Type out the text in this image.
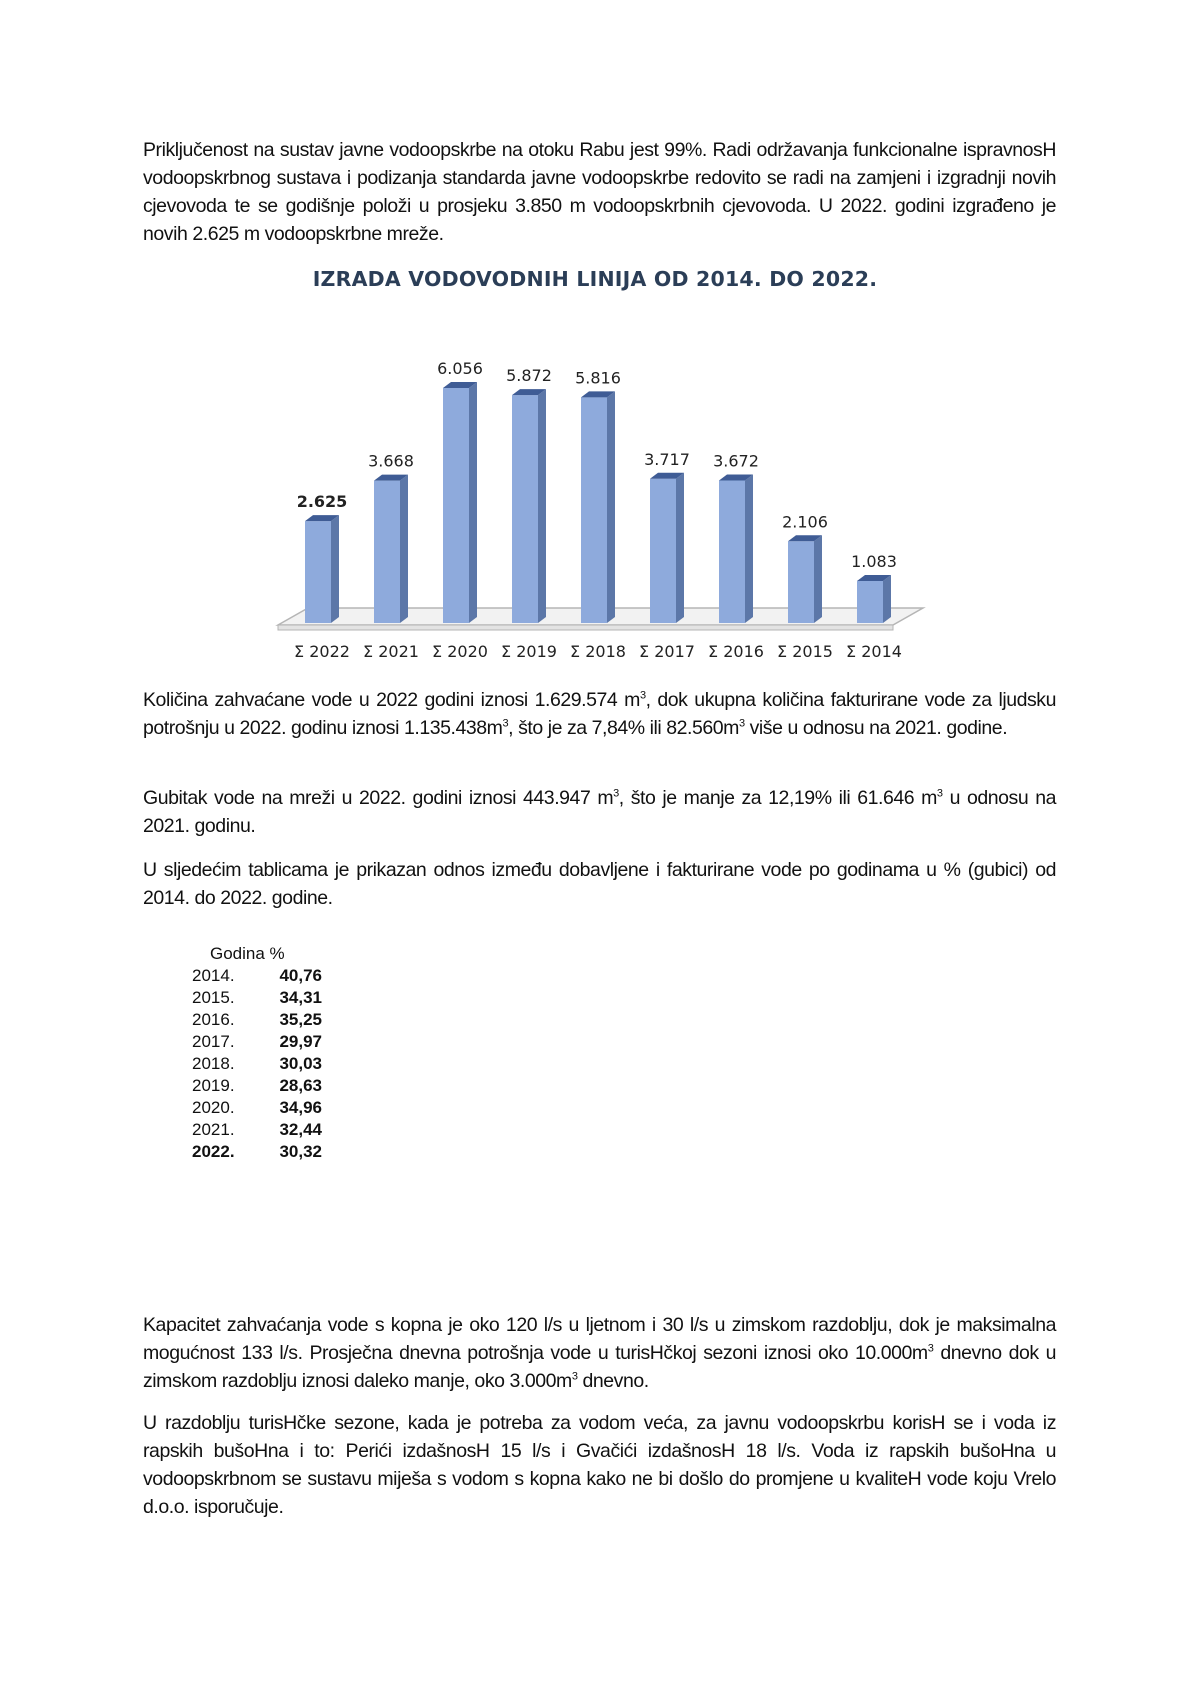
Priključenost na sustav javne vodoopskrbe na otoku Rabu jest 99%. Radi održavanja funkcionalne ispravnosH vodoopskrbnog sustava i podizanja standarda javne vodoopskrbe redovito se radi na zamjeni i izgradnji novih cjevovoda te se godišnje položi u prosjeku 3.850 m vodoopskrbnih cjevovoda. U 2022. godini izgrađeno je novih 2.625 m vodoopskrbne mreže.

IZRADA VODOVODNIH LINIJA OD 2014. DO 2022.
2.625
Σ 2022
3.668
Σ 2021
6.056
Σ 2020
5.872
Σ 2019
5.816
Σ 2018
3.717
Σ 2017
3.672
Σ 2016
2.106
Σ 2015
1.083
Σ 2014

Količina zahvaćane vode u 2022 godini iznosi 1.629.574 $m^3$, dok ukupna količina fakturirane vode za ljudsku potrošnju u 2022. godinu iznosi $1.135.438m^3$, što je za 7,84% ili $82.560m^3$ više u odnosu na 2021. godine.

Gubitak vode na mreži u 2022. godini iznosi 443.947 $m^3$, što je manje za 12,19% ili 61.646 $m^3$ u odnosu na 2021. godinu.

U sljedećim tablicama je prikazan odnos između dobavljene i fakturirane vode po godinama u % (gubici) od 2014. do 2022. godine.

Godina %
2014.	40,76
2015.	34,31
2016.	35,25
2017.	29,97
2018.	30,03
2019.	28,63
2020.	34,96
2021.	32,44
2022.	30,32

Kapacitet zahvaćanja vode s kopna je oko 120 l/s u ljetnom i 30 l/s u zimskom razdoblju, dok je maksimalna mogućnost 133 l/s. Prosječna dnevna potrošnja vode u turisHčkoj sezoni iznosi oko $10.000m^3$ dnevno dok u zimskom razdoblju iznosi daleko manje, oko $3.000m^3$ dnevno.

U razdoblju turisHčke sezone, kada je potreba za vodom veća, za javnu vodoopskrbu korisH se i voda iz rapskih bušoHna i to: Perići izdašnosH 15 l/s i Gvačići izdašnosH 18 l/s. Voda iz rapskih bušoHna u vodoopskrbnom se sustavu miješa s vodom s kopna kako ne bi došlo do promjene u kvaliteH vode koju Vrelo d.o.o. isporučuje.
